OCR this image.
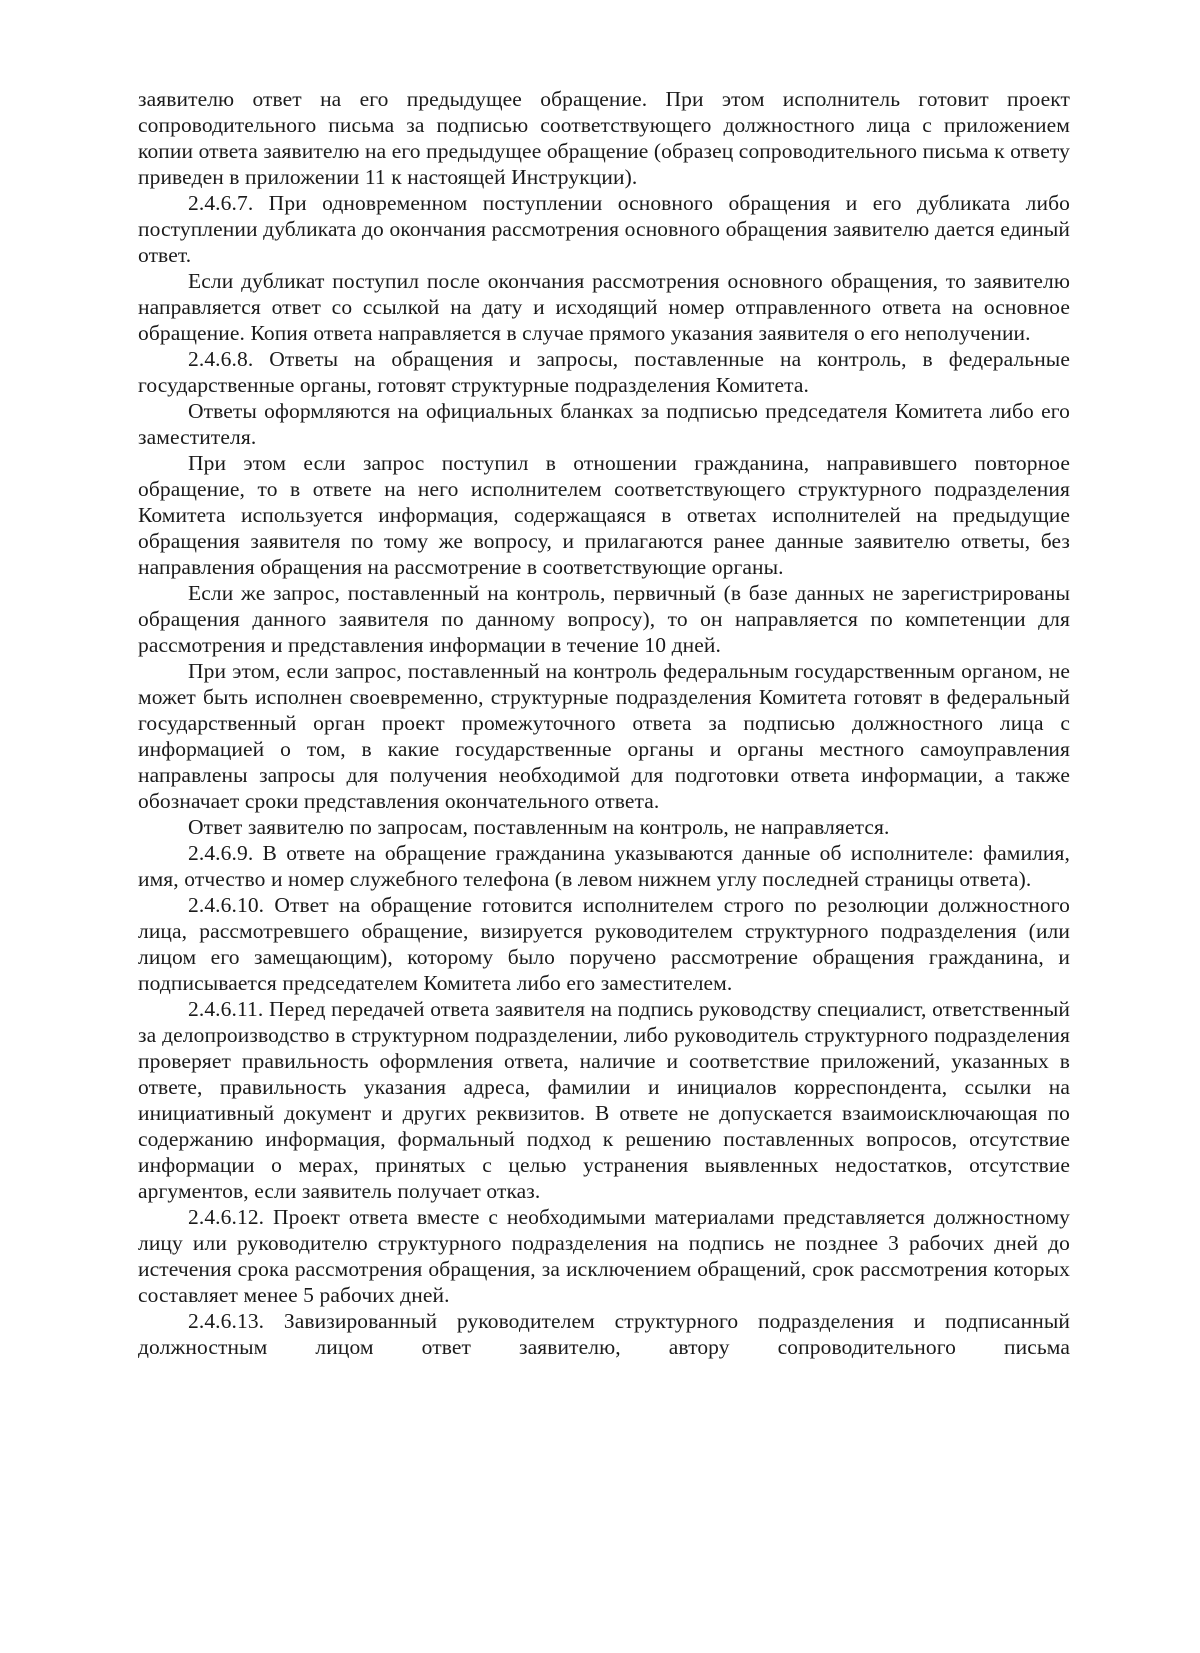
заявителю ответ на его предыдущее обращение. При этом исполнитель готовит проект сопроводительного письма за подписью соответствующего должностного лица с приложением копии ответа заявителю на его предыдущее обращение (образец сопроводительного письма к ответу приведен в приложении 11 к настоящей Инструкции).

2.4.6.7. При одновременном поступлении основного обращения и его дубликата либо поступлении дубликата до окончания рассмотрения основного обращения заявителю дается единый ответ.

Если дубликат поступил после окончания рассмотрения основного обращения, то заявителю направляется ответ со ссылкой на дату и исходящий номер отправленного ответа на основное обращение. Копия ответа направляется в случае прямого указания заявителя о его неполучении.

2.4.6.8. Ответы на обращения и запросы, поставленные на контроль, в федеральные государственные органы, готовят структурные подразделения Комитета.

Ответы оформляются на официальных бланках за подписью председателя Комитета либо его заместителя.

При этом если запрос поступил в отношении гражданина, направившего повторное обращение, то в ответе на него исполнителем соответствующего структурного подразделения Комитета используется информация, содержащаяся в ответах исполнителей на предыдущие обращения заявителя по тому же вопросу, и прилагаются ранее данные заявителю ответы, без направления обращения на рассмотрение в соответствующие органы.

Если же запрос, поставленный на контроль, первичный (в базе данных не зарегистрированы обращения данного заявителя по данному вопросу), то он направляется по компетенции для рассмотрения и представления информации в течение 10 дней.

При этом, если запрос, поставленный на контроль федеральным государственным органом, не может быть исполнен своевременно, структурные подразделения Комитета готовят в федеральный государственный орган проект промежуточного ответа за подписью должностного лица с информацией о том, в какие государственные органы и органы местного самоуправления направлены запросы для получения необходимой для подготовки ответа информации, а также обозначает сроки представления окончательного ответа.

Ответ заявителю по запросам, поставленным на контроль, не направляется.

2.4.6.9. В ответе на обращение гражданина указываются данные об исполнителе: фамилия, имя, отчество и номер служебного телефона (в левом нижнем углу последней страницы ответа).

2.4.6.10. Ответ на обращение готовится исполнителем строго по резолюции должностного лица, рассмотревшего обращение, визируется руководителем структурного подразделения (или лицом его замещающим), которому было поручено рассмотрение обращения гражданина, и подписывается председателем Комитета либо его заместителем.

2.4.6.11. Перед передачей ответа заявителя на подпись руководству специалист, ответственный за делопроизводство в структурном подразделении, либо руководитель структурного подразделения проверяет правильность оформления ответа, наличие и соответствие приложений, указанных в ответе, правильность указания адреса, фамилии и инициалов корреспондента, ссылки на инициативный документ и других реквизитов. В ответе не допускается взаимоисключающая по содержанию информация, формальный подход к решению поставленных вопросов, отсутствие информации о мерах, принятых с целью устранения выявленных недостатков, отсутствие аргументов, если заявитель получает отказ.

2.4.6.12. Проект ответа вместе с необходимыми материалами представляется должностному лицу или руководителю структурного подразделения на подпись не позднее 3 рабочих дней до истечения срока рассмотрения обращения, за исключением обращений, срок рассмотрения которых составляет менее 5 рабочих дней.

2.4.6.13. Завизированный руководителем структурного подразделения и подписанный должностным лицом ответ заявителю, автору сопроводительного письма
